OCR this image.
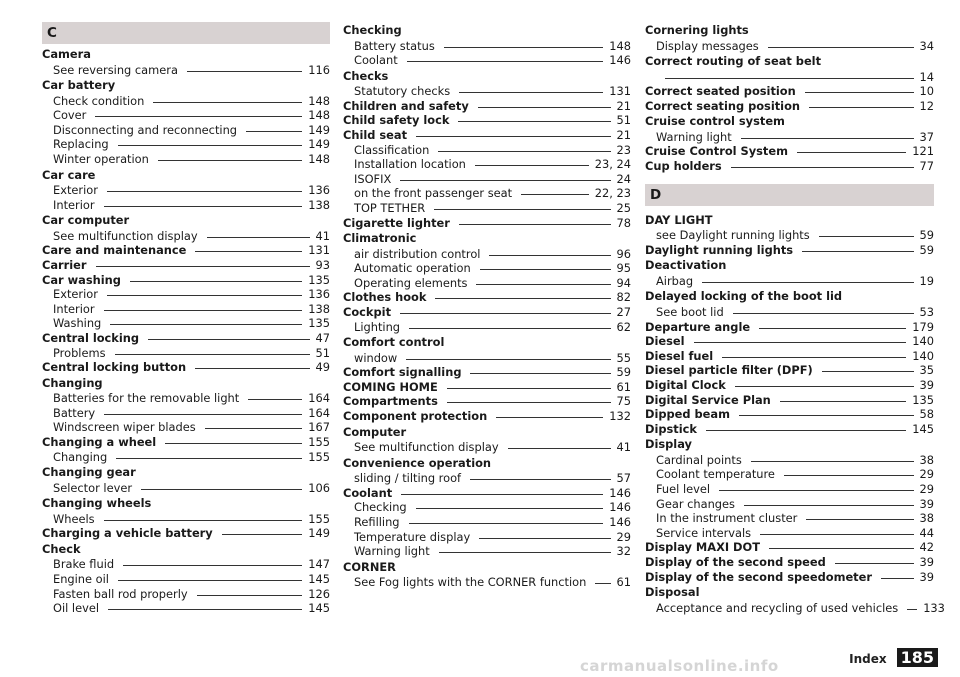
C
Camera
See reversing camera	116
Car battery
Check condition	148
Cover	148
Disconnecting and reconnecting	149
Replacing	149
Winter operation	148
Car care
Exterior	136
Interior	138
Car computer
See multifunction display	41
Care and maintenance	131
Carrier	93
Car washing	135
Exterior	136
Interior	138
Washing	135
Central locking	47
Problems	51
Central locking button	49
Changing
Batteries for the removable light	164
Battery	164
Windscreen wiper blades	167
Changing a wheel	155
Changing	155
Changing gear
Selector lever	106
Changing wheels
Wheels	155
Charging a vehicle battery	149
Check
Brake fluid	147
Engine oil	145
Fasten ball rod properly	126
Oil level	145
Checking
Battery status	148
Coolant	146
Checks
Statutory checks	131
Children and safety	21
Child safety lock	51
Child seat	21
Classification	23
Installation location	23, 24
ISOFIX	24
on the front passenger seat	22, 23
TOP TETHER	25
Cigarette lighter	78
Climatronic
air distribution control	96
Automatic operation	95
Operating elements	94
Clothes hook	82
Cockpit	27
Lighting	62
Comfort control
window	55
Comfort signalling	59
COMING HOME	61
Compartments	75
Component protection	132
Computer
See multifunction display	41
Convenience operation
sliding / tilting roof	57
Coolant	146
Checking	146
Refilling	146
Temperature display	29
Warning light	32
CORNER
See Fog lights with the CORNER function	61
Cornering lights
Display messages	34
Correct routing of seat belt
14
Correct seated position	10
Correct seating position	12
Cruise control system
Warning light	37
Cruise Control System	121
Cup holders	77
D
DAY LIGHT
see Daylight running lights	59
Daylight running lights	59
Deactivation
Airbag	19
Delayed locking of the boot lid
See boot lid	53
Departure angle	179
Diesel	140
Diesel fuel	140
Diesel particle filter (DPF)	35
Digital Clock	39
Digital Service Plan	135
Dipped beam	58
Dipstick	145
Display
Cardinal points	38
Coolant temperature	29
Fuel level	29
Gear changes	39
In the instrument cluster	38
Service intervals	44
Display MAXI DOT	42
Display of the second speed	39
Display of the second speedometer	39
Disposal
Acceptance and recycling of used vehicles 133
carmanualsonline.info	Index 185
